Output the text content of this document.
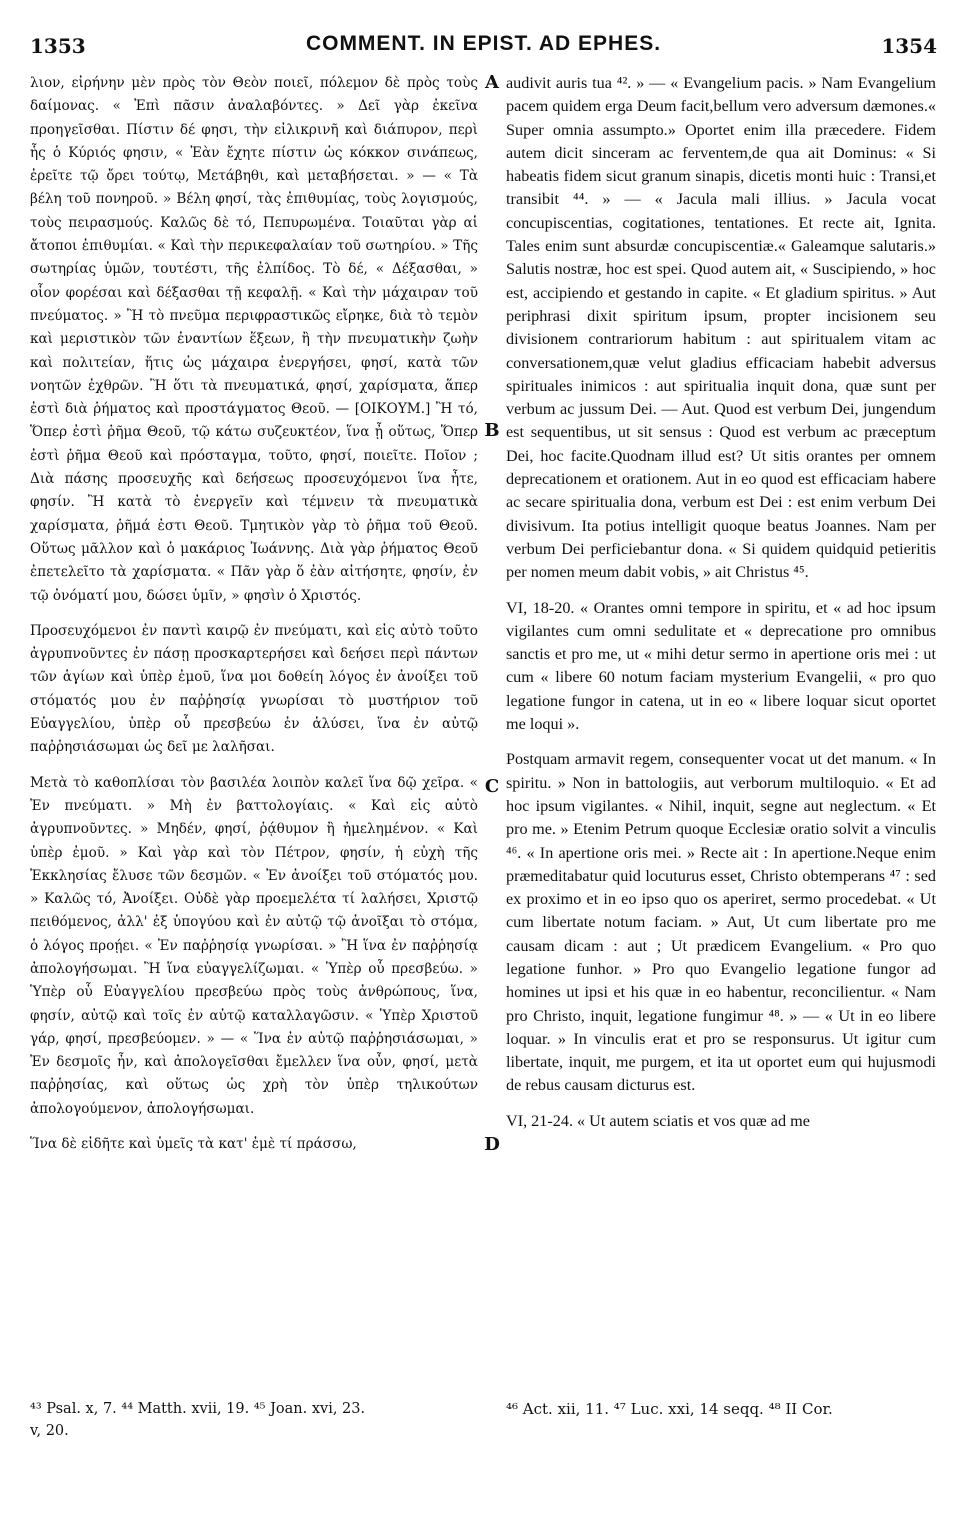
1353	COMMENT. IN EPIST. AD EPHES.	1354

λιον, εἰρήνην μὲν πρὸς τὸν Θεὸν ποιεῖ, πόλεμον δὲ πρὸς τοὺς δαίμονας. « Ἐπὶ πᾶσιν ἀναλαβόντες. » Δεῖ γὰρ ἐκεῖνα προηγεῖσθαι. Πίστιν δέ φησι, τὴν εἰλικρινῆ καὶ διάπυρον, περὶ ἧς ὁ Κύριός φησιν, « Ἐὰν ἔχητε πίστιν ὡς κόκκον σινάπεως, ἐρεῖτε τῷ ὄρει τούτῳ, Μετάβηθι, καὶ μεταβήσεται. » — « Τὰ βέλη τοῦ πονηροῦ. » Βέλη φησί, τὰς ἐπιθυμίας, τοὺς λογισμούς, τοὺς πειρασμούς. Καλῶς δὲ τό, Πεπυρωμένα. Τοιαῦται γὰρ αἱ ἄτοποι ἐπιθυμίαι. « Καὶ τὴν περικεφαλαίαν τοῦ σωτηρίου. » Τῆς σωτηρίας ὑμῶν, τουτέστι, τῆς ἐλπίδος. Τὸ δέ, « Δέξασθαι, » οἷον φορέσαι καὶ δέξασθαι τῇ κεφαλῇ. « Καὶ τὴν μάχαιραν τοῦ πνεύματος. » Ἢ τὸ πνεῦμα περιφραστικῶς εἴρηκε, διὰ τὸ τεμὸν καὶ μεριστικὸν τῶν ἐναντίων ἕξεων, ἢ τὴν πνευματικὴν ζωὴν καὶ πολιτείαν, ἥτις ὡς μάχαιρα ἐνεργήσει, φησί, κατὰ τῶν νοητῶν ἐχθρῶν. Ἢ ὅτι τὰ πνευματικά, φησί, χαρίσματα, ἅπερ ἐστὶ διὰ ῥήματος καὶ προστάγματος Θεοῦ. — [ΟΙΚΟΥΜ.] Ἢ τό, Ὅπερ ἐστὶ ῥῆμα Θεοῦ, τῷ κάτω συζευκτέον, ἵνα ᾖ οὕτως, Ὅπερ ἐστὶ ῥῆμα Θεοῦ καὶ πρόσταγμα, τοῦτο, φησί, ποιεῖτε. Ποῖον ; Διὰ πάσης προσευχῆς καὶ δεήσεως προσευχόμενοι ἵνα ἦτε, φησίν. Ἢ κατὰ τὸ ἐνεργεῖν καὶ τέμνειν τὰ πνευματικὰ χαρίσματα, ῥῆμά ἐστι Θεοῦ. Τμητικὸν γὰρ τὸ ῥῆμα τοῦ Θεοῦ. Οὕτως μᾶλλον καὶ ὁ μακάριος Ἰωάννης. Διὰ γὰρ ῥήματος Θεοῦ ἐπετελεῖτο τὰ χαρίσματα. « Πᾶν γὰρ ὅ ἐὰν αἰτήσητε, φησίν, ἐν τῷ ὀνόματί μου, δώσει ὑμῖν, » φησὶν ὁ Χριστός.

Προσευχόμενοι ἐν παντὶ καιρῷ ἐν πνεύματι, καὶ εἰς αὐτὸ τοῦτο ἀγρυπνοῦντες ἐν πάσῃ προσκαρτερήσει καὶ δεήσει περὶ πάντων τῶν ἁγίων καὶ ὑπὲρ ἐμοῦ, ἵνα μοι δοθείη λόγος ἐν ἀνοίξει τοῦ στόματός μου ἐν παῤῥησίᾳ γνωρίσαι τὸ μυστήριον τοῦ Εὐαγγελίου, ὑπὲρ οὗ πρεσβεύω ἐν ἁλύσει, ἵνα ἐν αὐτῷ παῤῥησιάσωμαι ὡς δεῖ με λαλῆσαι.

Μετὰ τὸ καθοπλίσαι τὸν βασιλέα λοιπὸν καλεῖ ἵνα δῷ χεῖρα. « Ἐν πνεύματι. » Μὴ ἐν βαττολογίαις. « Καὶ εἰς αὐτὸ ἀγρυπνοῦντες. » Μηδέν, φησί, ῥᾴθυμον ἢ ἠμελημένον. « Καὶ ὑπὲρ ἐμοῦ. » Καὶ γὰρ καὶ τὸν Πέτρον, φησίν, ἡ εὐχὴ τῆς Ἐκκλησίας ἔλυσε τῶν δεσμῶν. « Ἐν ἀνοίξει τοῦ στόματός μου. » Καλῶς τό, Ἀνοίξει. Οὐδὲ γὰρ προεμελέτα τί λαλήσει, Χριστῷ πειθόμενος, ἀλλ' ἐξ ὑπογύου καὶ ἐν αὐτῷ τῷ ἀνοῖξαι τὸ στόμα, ὁ λόγος προῄει. « Ἐν παῤῥησίᾳ γνωρίσαι. » Ἢ ἵνα ἐν παῤῥησίᾳ ἀπολογήσωμαι. Ἢ ἵνα εὐαγγελίζωμαι. « Ὑπὲρ οὗ πρεσβεύω. » Ὑπὲρ οὗ Εὐαγγελίου πρεσβεύω πρὸς τοὺς ἀνθρώπους, ἵνα, φησίν, αὐτῷ καὶ τοῖς ἐν αὐτῷ καταλλαγῶσιν. « Ὑπὲρ Χριστοῦ γάρ, φησί, πρεσβεύομεν. » — « Ἵνα ἐν αὐτῷ παῤῥησιάσωμαι, » Ἐν δεσμοῖς ἦν, καὶ ἀπολογεῖσθαι ἔμελλεν ἵνα οὖν, φησί, μετὰ παῤῥησίας, καὶ οὕτως ὡς χρὴ τὸν ὑπὲρ τηλικούτων ἀπολογούμενον, ἀπολογήσωμαι.

Ἵνα δὲ εἰδῆτε καὶ ὑμεῖς τὰ κατ' ἐμὲ τί πράσσω,

A
B
C
D

audivit auris tua ⁴². » — « Evangelium pacis. » Nam Evangelium pacem quidem erga Deum facit,bellum vero adversum dæmones.« Super omnia assumpto.» Oportet enim illa præcedere. Fidem autem dicit sinceram ac ferventem,de qua ait Dominus: « Si habeatis fidem sicut granum sinapis, dicetis monti huic : Transi,et transibit ⁴⁴. » — « Jacula mali illius. » Jacula vocat concupiscentias, cogitationes, tentationes. Et recte ait, Ignita. Tales enim sunt absurdæ concupiscentiæ.« Galeamque salutaris.» Salutis nostræ, hoc est spei. Quod autem ait, « Suscipiendo, » hoc est, accipiendo et gestando in capite. « Et gladium spiritus. » Aut periphrasi dixit spiritum ipsum, propter incisionem seu divisionem contrariorum habitum : aut spiritualem vitam ac conversationem,quæ velut gladius efficaciam habebit adversus spirituales inimicos : aut spiritualia inquit dona, quæ sunt per verbum ac jussum Dei. — Aut. Quod est verbum Dei, jungendum est sequentibus, ut sit sensus : Quod est verbum ac præceptum Dei, hoc facite.Quodnam illud est? Ut sitis orantes per omnem deprecationem et orationem. Aut in eo quod est efficaciam habere ac secare spiritualia dona, verbum est Dei : est enim verbum Dei divisivum. Ita potius intelligit quoque beatus Joannes. Nam per verbum Dei perficiebantur dona. « Si quidem quidquid petieritis per nomen meum dabit vobis, » ait Christus ⁴⁵.

VI, 18-20. « Orantes omni tempore in spiritu, et « ad hoc ipsum vigilantes cum omni sedulitate et « deprecatione pro omnibus sanctis et pro me, ut « mihi detur sermo in apertione oris mei : ut cum « libere 60 notum faciam mysterium Evangelii, « pro quo legatione fungor in catena, ut in eo « libere loquar sicut oportet me loqui ».

Postquam armavit regem, consequenter vocat ut det manum. « In spiritu. » Non in battologiis, aut verborum multiloquio. « Et ad hoc ipsum vigilantes. « Nihil, inquit, segne aut neglectum. « Et pro me. » Etenim Petrum quoque Ecclesiæ oratio solvit a vinculis ⁴⁶. « In apertione oris mei. » Recte ait : In apertione.Neque enim præmeditabatur quid locuturus esset, Christo obtemperans ⁴⁷ : sed ex proximo et in eo ipso quo os aperiret, sermo procedebat. « Ut cum libertate notum faciam. » Aut, Ut cum libertate pro me causam dicam : aut ; Ut prædicem Evangelium. « Pro quo legatione funhor. » Pro quo Evangelio legatione fungor ad homines ut ipsi et his quæ in eo habentur, reconcilientur. « Nam pro Christo, inquit, legatione fungimur ⁴⁸. » — « Ut in eo libere loquar. » In vinculis erat et pro se responsurus. Ut igitur cum libertate, inquit, me purgem, et ita ut oportet eum qui hujusmodi de rebus causam dicturus est.

VI, 21-24. « Ut autem sciatis et vos quæ ad me

⁴³ Psal. x, 7. ⁴⁴ Matth. xvii, 19. ⁴⁵ Joan. xvi, 23.

v, 20.

⁴⁶ Act. xii, 11. ⁴⁷ Luc. xxi, 14 seqq. ⁴⁸ II Cor.
